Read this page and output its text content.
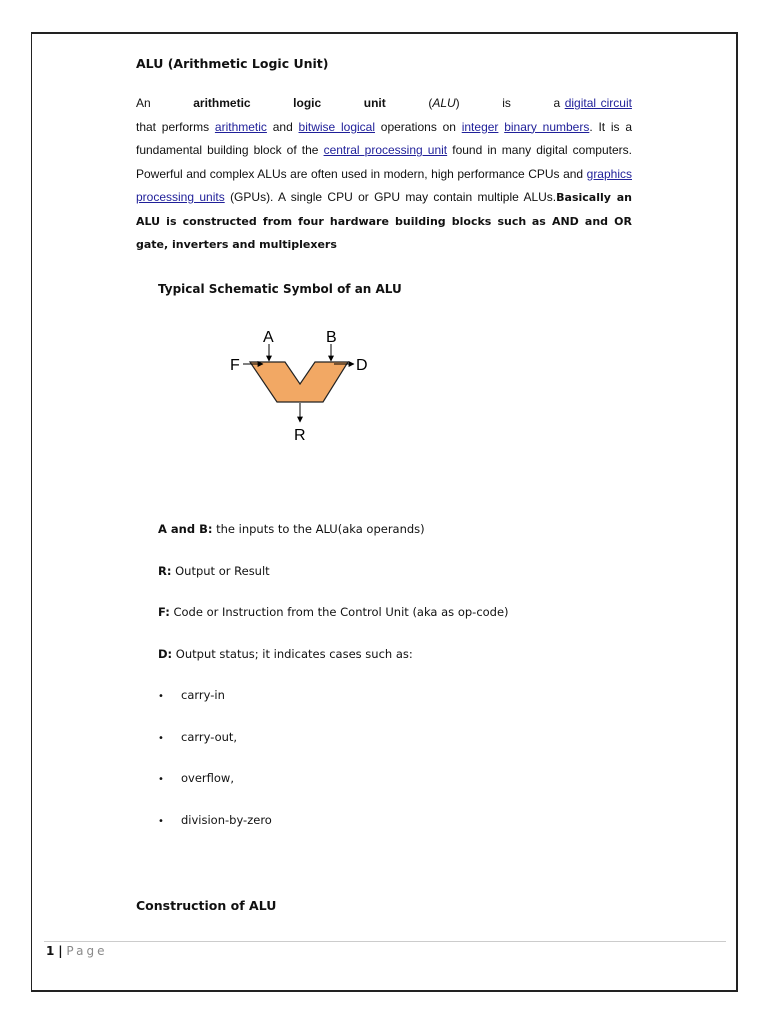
ALU (Arithmetic Logic Unit)
An	arithmetic	logic	unit	(ALU)	is a digital circuit that performs arithmetic and bitwise logical operations on integer binary numbers. It is a fundamental building block of the central processing unit found in many digital computers. Powerful and complex ALUs are often used in modern, high performance CPUs and graphics processing units (GPUs). A single CPU or GPU may contain multiple ALUs.Basically an ALU is constructed from four hardware building blocks such as AND and OR gate, inverters and multiplexers
Typical Schematic Symbol of an ALU
A	B
F	D
R
A and B: the inputs to the ALU(aka operands)
R: Output or Result
F: Code or Instruction from the Control Unit (aka as op-code)
D: Output status; it indicates cases such as:
• carry-in
• carry-out,
• overflow,
• division-by-zero
Construction of ALU
1 | Page
